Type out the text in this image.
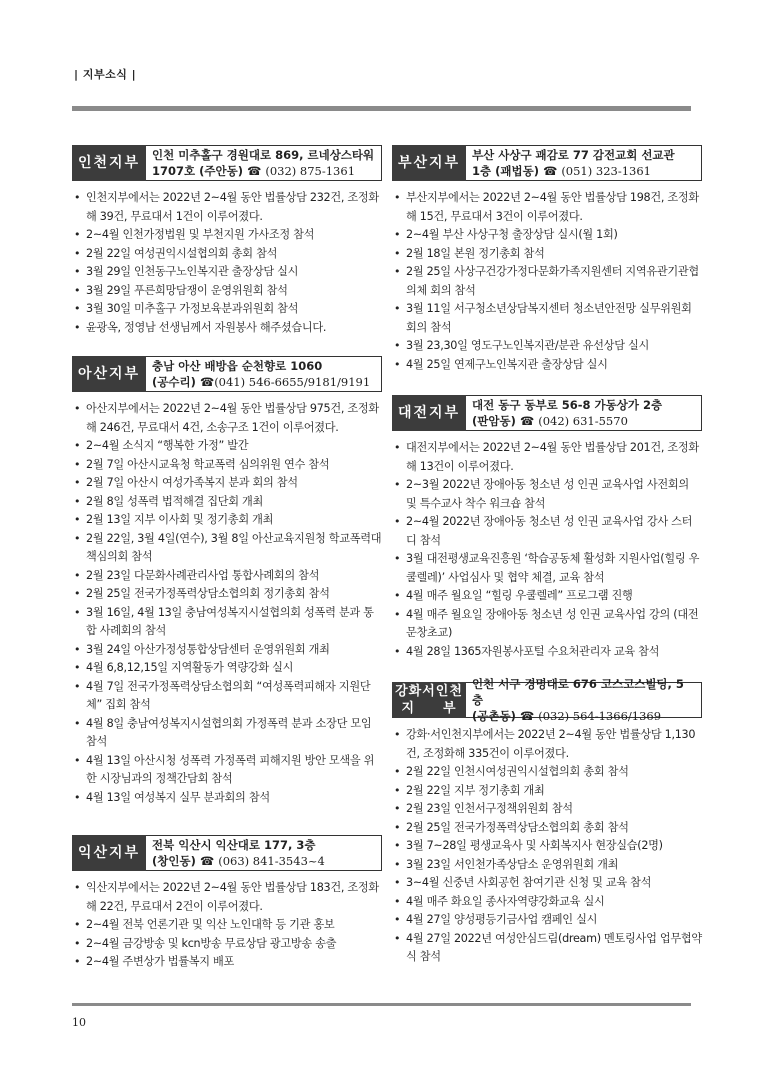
| 지부소식 |
인천지부	인천 미추홀구 경원대로 869, 르네상스타워
1707호 (주안동) ☎ (032) 875-1361
• 인천지부에서는 2022년 2~4월 동안 법률상담 232건, 조정화해 39건, 무료대서 1건이 이루어졌다.
• 2~4월 인천가정법원 및 부천지원 가사조정 참석
• 2월 22일 여성권익시설협의회 총회 참석
• 3월 29일 인천동구노인복지관 출장상담 실시
• 3월 29일 푸른희망담쟁이 운영위원회 참석
• 3월 30일 미추홀구 가정보육분과위원회 참석
• 윤광옥, 정영남 선생님께서 자원봉사 해주셨습니다.
아산지부	충남 아산 배방읍 순천향로 1060
(공수리) ☎(041) 546-6655/9181/9191
• 아산지부에서는 2022년 2~4월 동안 법률상담 975건, 조정화해 246건, 무료대서 4건, 소송구조 1건이 이루어졌다.
• 2~4월 소식지 “행복한 가정” 발간
• 2월 7일 아산시교육청 학교폭력 심의위원 연수 참석
• 2월 7일 아산시 여성가족복지 분과 회의 참석
• 2월 8일 성폭력 법적해결 집단회 개최
• 2월 13일 지부 이사회 및 정기총회 개최
• 2월 22일, 3월 4일(연수), 3월 8일 아산교육지원청 학교폭력대책심의회 참석
• 2월 23일 다문화사례관리사업 통합사례회의 참석
• 2월 25일 전국가정폭력상담소협의회 정기총회 참석
• 3월 16일, 4월 13일 충남여성복지시설협의회 성폭력 분과 통합 사례회의 참석
• 3월 24일 아산가정성통합상담센터 운영위원회 개최
• 4월 6,8,12,15일 지역활동가 역량강화 실시
• 4월 7일 전국가정폭력상담소협의회 “여성폭력피해자 지원단체” 집회 참석
• 4월 8일 충남여성복지시설협의회 가정폭력 분과 소장단 모임 참석
• 4월 13일 아산시청 성폭력 가정폭력 피해지원 방안 모색을 위한 시장님과의 정책간담회 참석
• 4월 13일 여성복지 실무 분과회의 참석
익산지부	전북 익산시 익산대로 177, 3층
(창인동) ☎ (063) 841-3543~4
• 익산지부에서는 2022년 2~4월 동안 법률상담 183건, 조정화해 22건, 무료대서 2건이 이루어졌다.
• 2~4월 전북 언론기관 및 익산 노인대학 등 기관 홍보
• 2~4월 금강방송 및 kcn방송 무료상담 광고방송 송출
• 2~4월 주변상가 법률복지 배포
부산지부	부산 사상구 괘감로 77 감전교회 선교관
1층 (괘법동) ☎ (051) 323-1361
• 부산지부에서는 2022년 2~4월 동안 법률상담 198건, 조정화해 15건, 무료대서 3건이 이루어졌다.
• 2~4월 부산 사상구청 출장상담 실시(월 1회)
• 2월 18일 본원 정기총회 참석
• 2월 25일 사상구건강가정다문화가족지원센터 지역유관기관협의체 회의 참석
• 3월 11일 서구청소년상담복지센터 청소년안전망 실무위원회 회의 참석
• 3월 23,30일 영도구노인복지관/분관 유선상담 실시
• 4월 25일 연제구노인복지관 출장상담 실시
대전지부	대전 동구 동부로 56-8 가동상가 2층
(판암동) ☎ (042) 631-5570
• 대전지부에서는 2022년 2~4월 동안 법률상담 201건, 조정화해 13건이 이루어졌다.
• 2~3월 2022년 장애아동 청소년 성 인권 교육사업 사전회의 및 특수교사 착수 워크숍 참석
• 2~4월 2022년 장애아동 청소년 성 인권 교육사업 강사 스터디 참석
• 3월 대전평생교육진흥원 ‘학습공동체 활성화 지원사업(힐링 우쿨렐레)’ 사업심사 및 협약 체결, 교육 참석
• 4월 매주 월요일 “힐링 우쿨렐레” 프로그램 진행
• 4월 매주 월요일 장애아동 청소년 성 인권 교육사업 강의 (대전문창초교)
• 4월 28일 1365자원봉사포털 수요처관리자 교육 참석
강화서인천
지　　부
인천 서구 경명대로 676 코스코스빌딩, 5층
(공촌동) ☎ (032) 564-1366/1369
• 강화·서인천지부에서는 2022년 2~4월 동안 법률상담 1,130건, 조정화해 335건이 이루어졌다.
• 2월 22일 인천시여성권익시설협의회 총회 참석
• 2월 22일 지부 정기총회 개최
• 2월 23일 인천서구정책위원회 참석
• 2월 25일 전국가정폭력상담소협의회 총회 참석
• 3월 7~28일 평생교육사 및 사회복지사 현장실습(2명)
• 3월 23일 서인천가족상담소 운영위원회 개최
• 3~4월 신중년 사회공헌 참여기관 신청 및 교육 참석
• 4월 매주 화요일 종사자역량강화교육 실시
• 4월 27일 양성평등기금사업 캠페인 실시
• 4월 27일 2022년 여성안심드림(dream) 멘토링사업 업무협약식 참석
10
